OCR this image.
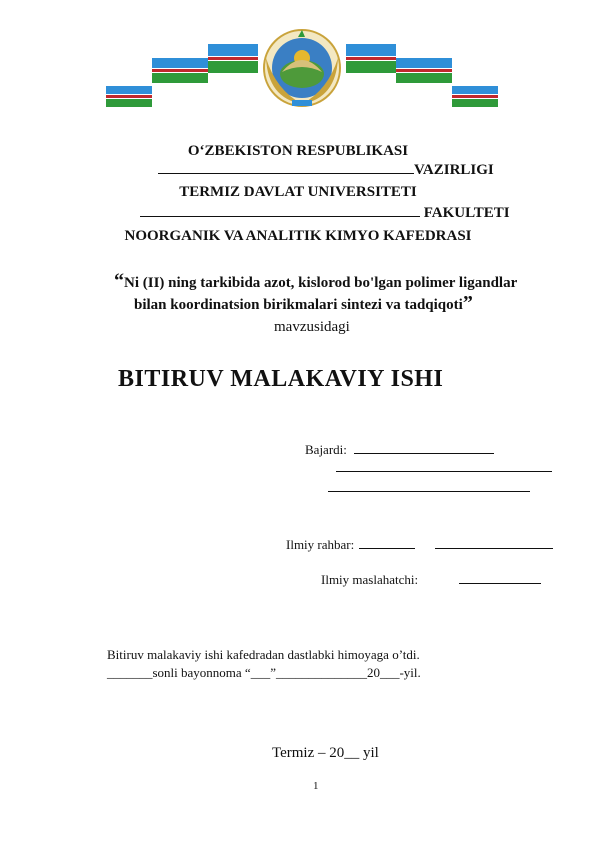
O‘ZBEKISTON RESPUBLIKASI
VAZIRLIGI
TERMIZ DAVLAT UNIVERSITETI
FAKULTETI
NOORGANIK VA ANALITIK KIMYO KAFEDRASI
“Ni (II) ning tarkibida azot, kislorod bo'lgan polimer ligandlar
bilan koordinatsion birikmalari sintezi va tadqiqoti”
mavzusidagi
BITIRUV MALAKAVIY ISHI
Bajardi:
Ilmiy rahbar:
Ilmiy maslahatchi:
Bitiruv malakaviy ishi kafedradan dastlabki himoyaga o’tdi.
_______sonli bayonnoma “___”______________20___-yil.
Termiz – 20__ yil
1
